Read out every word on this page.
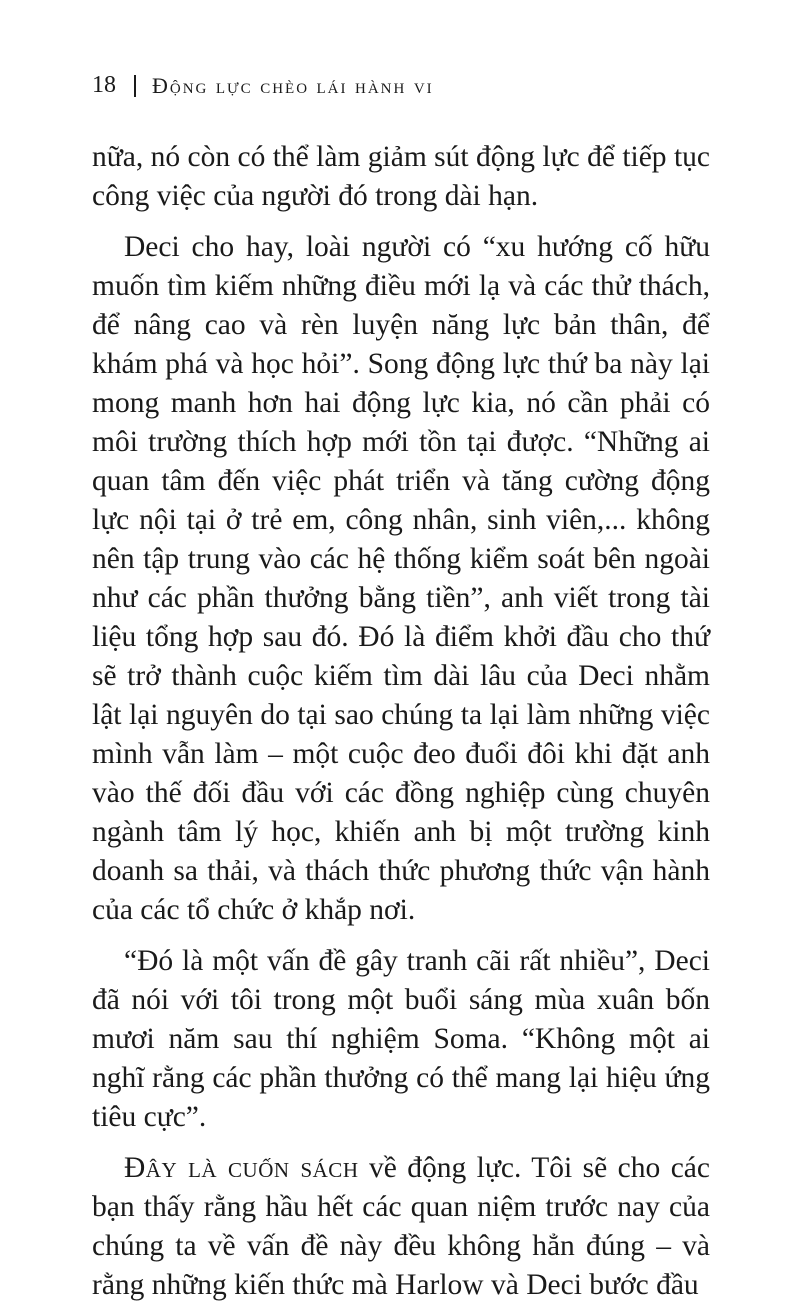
18 Động lực chèo lái hành vi

nữa, nó còn có thể làm giảm sút động lực để tiếp tục công việc của người đó trong dài hạn.

Deci cho hay, loài người có “xu hướng cố hữu muốn tìm kiếm những điều mới lạ và các thử thách, để nâng cao và rèn luyện năng lực bản thân, để khám phá và học hỏi”. Song động lực thứ ba này lại mong manh hơn hai động lực kia, nó cần phải có môi trường thích hợp mới tồn tại được. “Những ai quan tâm đến việc phát triển và tăng cường động lực nội tại ở trẻ em, công nhân, sinh viên,... không nên tập trung vào các hệ thống kiểm soát bên ngoài như các phần thưởng bằng tiền”, anh viết trong tài liệu tổng hợp sau đó. Đó là điểm khởi đầu cho thứ sẽ trở thành cuộc kiếm tìm dài lâu của Deci nhằm lật lại nguyên do tại sao chúng ta lại làm những việc mình vẫn làm – một cuộc đeo đuổi đôi khi đặt anh vào thế đối đầu với các đồng nghiệp cùng chuyên ngành tâm lý học, khiến anh bị một trường kinh doanh sa thải, và thách thức phương thức vận hành của các tổ chức ở khắp nơi.

“Đó là một vấn đề gây tranh cãi rất nhiều”, Deci đã nói với tôi trong một buổi sáng mùa xuân bốn mươi năm sau thí nghiệm Soma. “Không một ai nghĩ rằng các phần thưởng có thể mang lại hiệu ứng tiêu cực”.

Đây là cuốn sách về động lực. Tôi sẽ cho các bạn thấy rằng hầu hết các quan niệm trước nay của chúng ta về vấn đề này đều không hẳn đúng – và rằng những kiến thức mà Harlow và Deci bước đầu
